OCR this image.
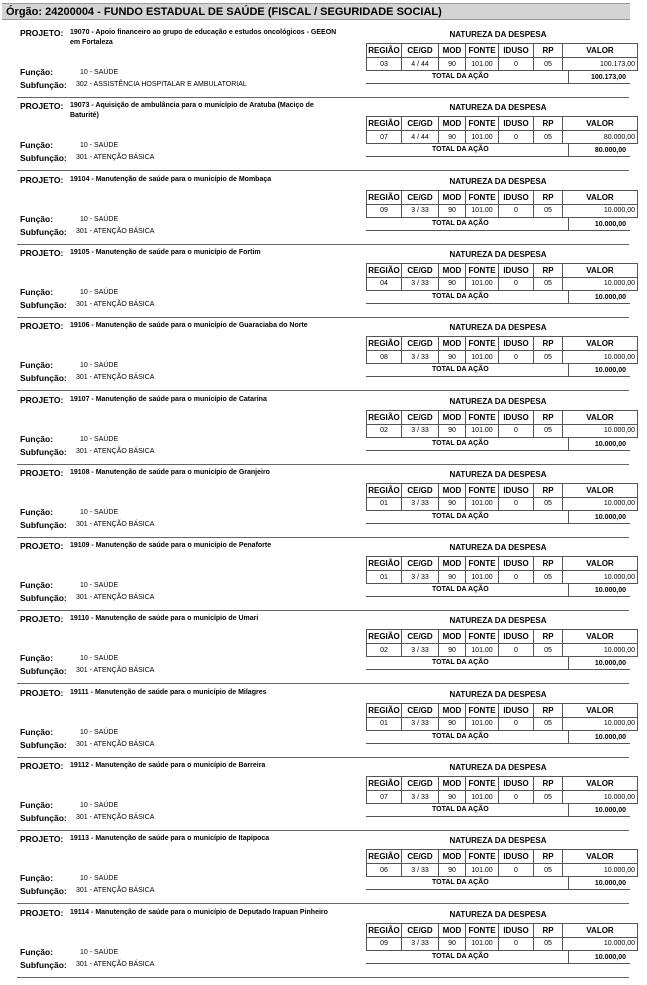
Órgão: 24200004 - FUNDO ESTADUAL DE SAÚDE (FISCAL / SEGURIDADE SOCIAL)
PROJETO: 19070 - Apoio financeiro ao grupo de educação e estudos oncológicos - GEEON em Fortaleza
Função:	10 - SAÚDE
Subfunção: 302 - ASSISTÊNCIA HOSPITALAR E AMBULATORIAL
NATUREZA DA DESPESA
REGIÃO	CE/GD	MOD	FONTE	IDUSO	RP	VALOR
03	4 / 44	90	101.00	0	05	100.173,00
TOTAL DA AÇÃO	100.173,00
PROJETO: 19073 - Aquisição de ambulância para o município de Aratuba (Maciço de Baturité)
Função:	10 - SAÚDE
Subfunção: 301 - ATENÇÃO BÁSICA
NATUREZA DA DESPESA
REGIÃO	CE/GD	MOD	FONTE	IDUSO	RP	VALOR
07	4 / 44	90	101.00	0	05	80.000,00
TOTAL DA AÇÃO	80.000,00
PROJETO: 19104 - Manutenção de saúde para o município de Mombaça
Função:	10 - SAÚDE
Subfunção: 301 - ATENÇÃO BÁSICA
NATUREZA DA DESPESA
REGIÃO	CE/GD	MOD	FONTE	IDUSO	RP	VALOR
09	3 / 33	90	101.00	0	05	10.000,00
TOTAL DA AÇÃO	10.000,00
PROJETO: 19105 - Manutenção de saúde para o município de Fortim
Função:	10 - SAÚDE
Subfunção: 301 - ATENÇÃO BÁSICA
NATUREZA DA DESPESA
REGIÃO	CE/GD	MOD	FONTE	IDUSO	RP	VALOR
04	3 / 33	90	101.00	0	05	10.000,00
TOTAL DA AÇÃO	10.000,00
PROJETO: 19106 - Manutenção de saúde para o município de Guaraciaba do Norte
Função:	10 - SAÚDE
Subfunção: 301 - ATENÇÃO BÁSICA
NATUREZA DA DESPESA
REGIÃO	CE/GD	MOD	FONTE	IDUSO	RP	VALOR
08	3 / 33	90	101.00	0	05	10.000,00
TOTAL DA AÇÃO	10.000,00
PROJETO: 19107 - Manutenção de saúde para o município de Catarina
Função:	10 - SAÚDE
Subfunção: 301 - ATENÇÃO BÁSICA
NATUREZA DA DESPESA
REGIÃO	CE/GD	MOD	FONTE	IDUSO	RP	VALOR
02	3 / 33	90	101.00	0	05	10.000,00
TOTAL DA AÇÃO	10.000,00
PROJETO: 19108 - Manutenção de saúde para o município de Granjeiro
Função:	10 - SAÚDE
Subfunção: 301 - ATENÇÃO BÁSICA
NATUREZA DA DESPESA
REGIÃO	CE/GD	MOD	FONTE	IDUSO	RP	VALOR
01	3 / 33	90	101.00	0	05	10.000,00
TOTAL DA AÇÃO	10.000,00
PROJETO: 19109 - Manutenção de saúde para o município de Penaforte
Função:	10 - SAÚDE
Subfunção: 301 - ATENÇÃO BÁSICA
NATUREZA DA DESPESA
REGIÃO	CE/GD	MOD	FONTE	IDUSO	RP	VALOR
01	3 / 33	90	101.00	0	05	10.000,00
TOTAL DA AÇÃO	10.000,00
PROJETO: 19110 - Manutenção de saúde para o município de Umari
Função:	10 - SAÚDE
Subfunção: 301 - ATENÇÃO BÁSICA
NATUREZA DA DESPESA
REGIÃO	CE/GD	MOD	FONTE	IDUSO	RP	VALOR
02	3 / 33	90	101.00	0	05	10.000,00
TOTAL DA AÇÃO	10.000,00
PROJETO: 19111 - Manutenção de saúde para o município de Milagres
Função:	10 - SAÚDE
Subfunção: 301 - ATENÇÃO BÁSICA
NATUREZA DA DESPESA
REGIÃO	CE/GD	MOD	FONTE	IDUSO	RP	VALOR
01	3 / 33	90	101.00	0	05	10.000,00
TOTAL DA AÇÃO	10.000,00
PROJETO: 19112 - Manutenção de saúde para o município de Barreira
Função:	10 - SAÚDE
Subfunção: 301 - ATENÇÃO BÁSICA
NATUREZA DA DESPESA
REGIÃO	CE/GD	MOD	FONTE	IDUSO	RP	VALOR
07	3 / 33	90	101.00	0	05	10.000,00
TOTAL DA AÇÃO	10.000,00
PROJETO: 19113 - Manutenção de saúde para o município de Itapipoca
Função:	10 - SAÚDE
Subfunção: 301 - ATENÇÃO BÁSICA
NATUREZA DA DESPESA
REGIÃO	CE/GD	MOD	FONTE	IDUSO	RP	VALOR
06	3 / 33	90	101.00	0	05	10.000,00
TOTAL DA AÇÃO	10.000,00
PROJETO: 19114 - Manutenção de saúde para o município de Deputado Irapuan Pinheiro
Função:	10 - SAÚDE
Subfunção: 301 - ATENÇÃO BÁSICA
NATUREZA DA DESPESA
REGIÃO	CE/GD	MOD	FONTE	IDUSO	RP	VALOR
09	3 / 33	90	101.00	0	05	10.000,00
TOTAL DA AÇÃO	10.000,00
